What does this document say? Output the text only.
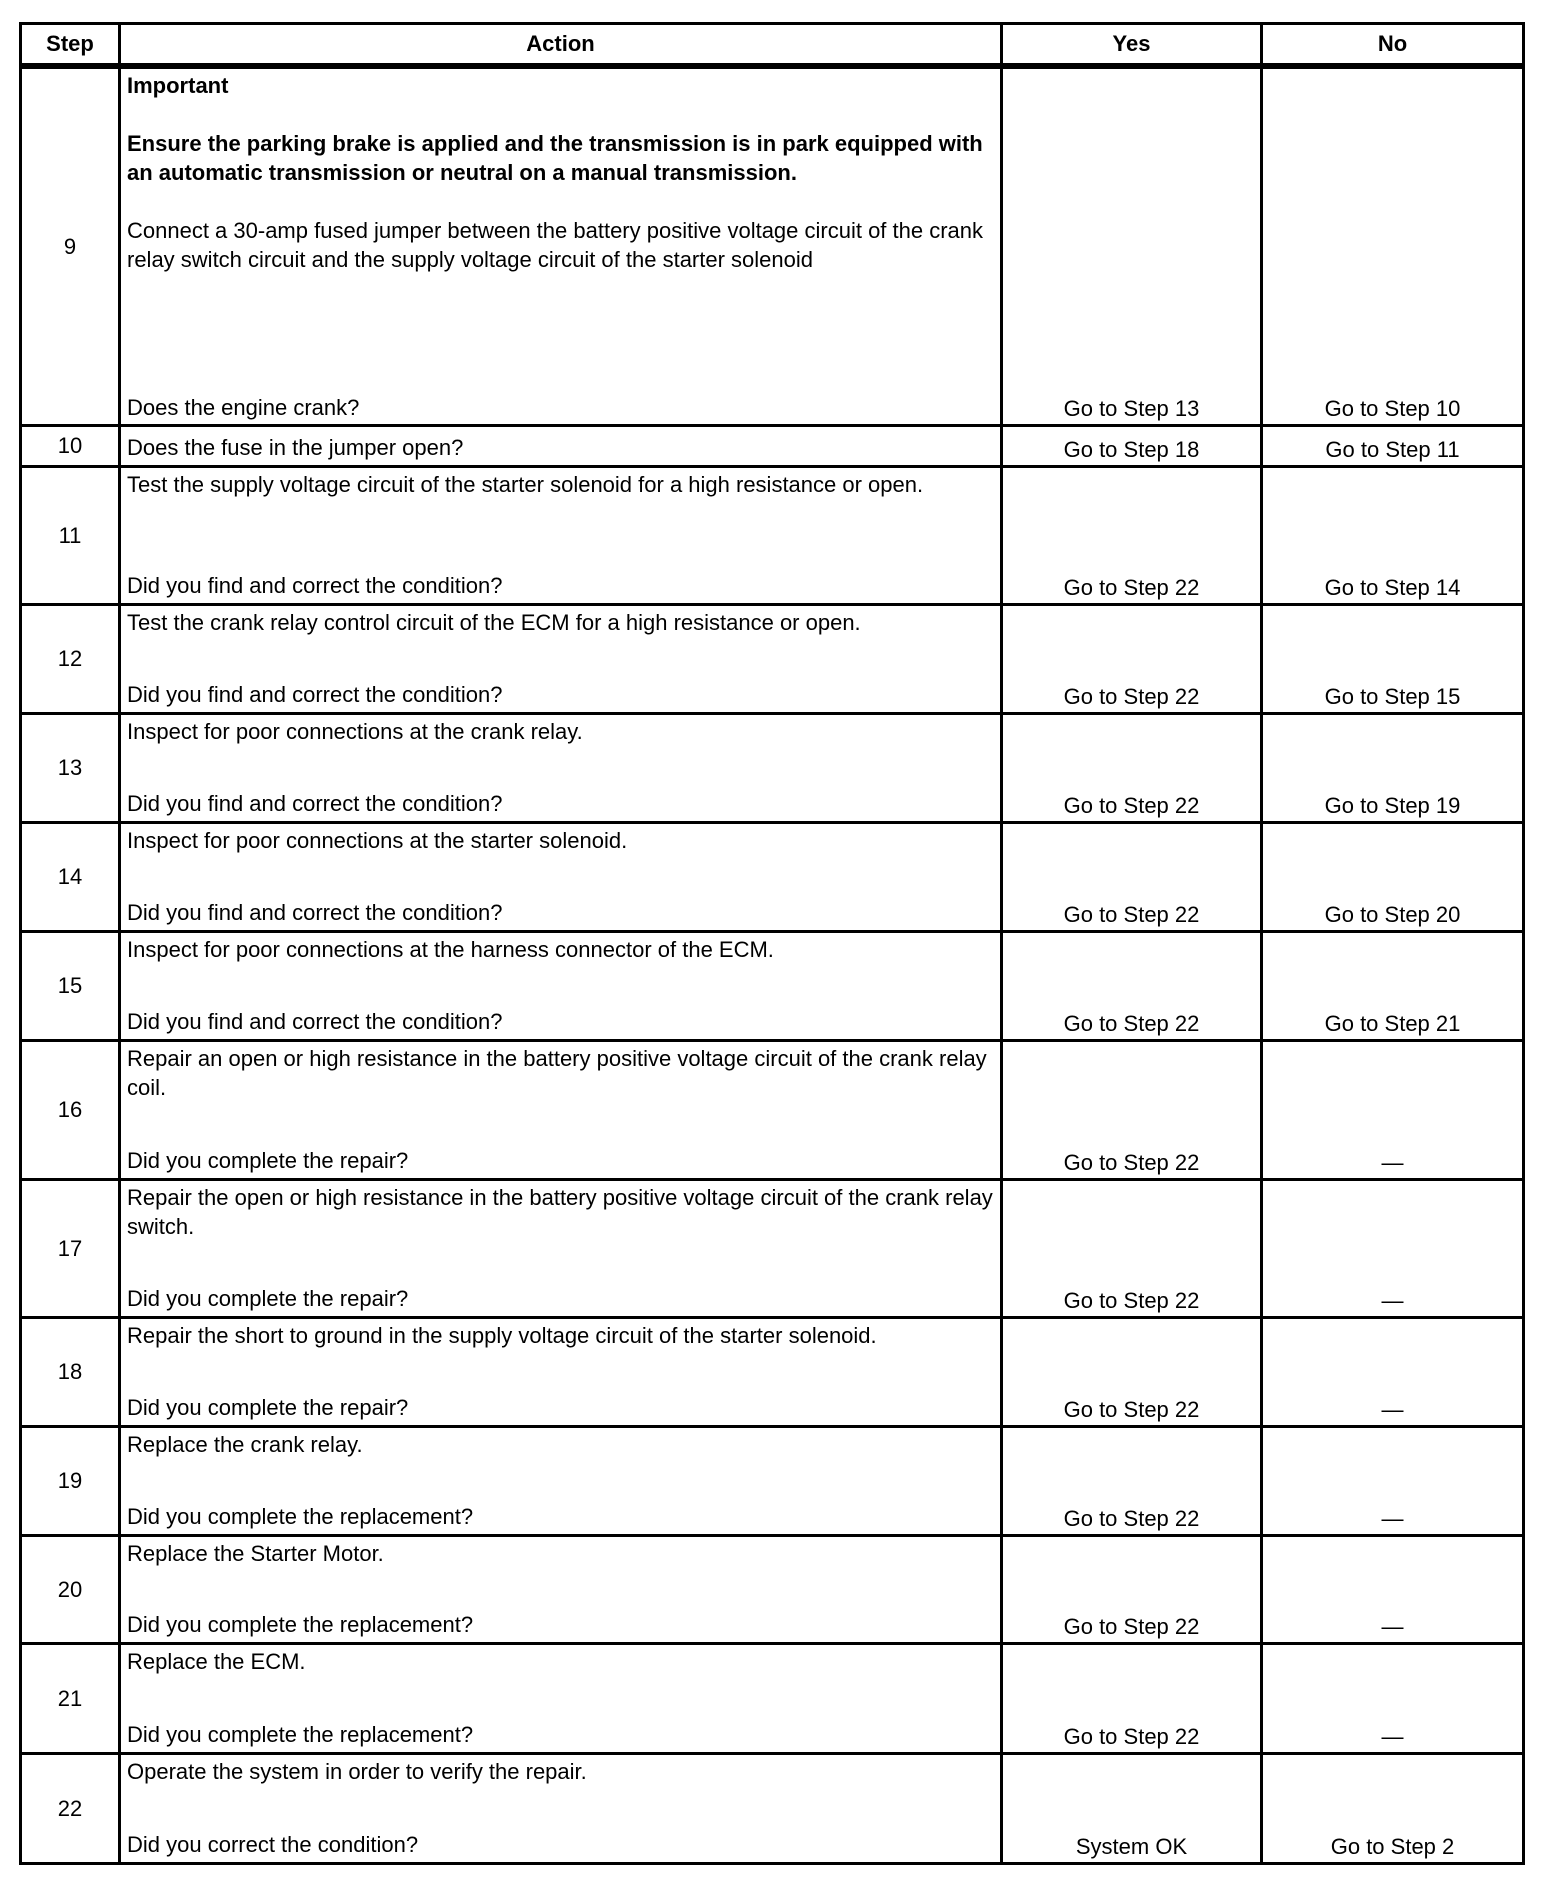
Step	Action	Yes	No
9	Important
Ensure the parking brake is applied and the transmission is in park equipped with an automatic transmission or neutral on a manual transmission.
Connect a 30-amp fused jumper between the battery positive voltage circuit of the crank relay switch circuit and the supply voltage circuit of the starter solenoid
Does the engine crank?	Go to Step 13	Go to Step 10
10	Does the fuse in the jumper open?	Go to Step 18	Go to Step 11
11	Test the supply voltage circuit of the starter solenoid for a high resistance or open.
Did you find and correct the condition?	Go to Step 22	Go to Step 14
12	Test the crank relay control circuit of the ECM for a high resistance or open.
Did you find and correct the condition?	Go to Step 22	Go to Step 15
13	Inspect for poor connections at the crank relay.
Did you find and correct the condition?	Go to Step 22	Go to Step 19
14	Inspect for poor connections at the starter solenoid.
Did you find and correct the condition?	Go to Step 22	Go to Step 20
15	Inspect for poor connections at the harness connector of the ECM.
Did you find and correct the condition?	Go to Step 22	Go to Step 21
16	Repair an open or high resistance in the battery positive voltage circuit of the crank relay coil.
Did you complete the repair?	Go to Step 22	—
17	Repair the open or high resistance in the battery positive voltage circuit of the crank relay switch.
Did you complete the repair?	Go to Step 22	—
18	Repair the short to ground in the supply voltage circuit of the starter solenoid.
Did you complete the repair?	Go to Step 22	—
19	Replace the crank relay.
Did you complete the replacement?	Go to Step 22	—
20	Replace the Starter Motor.
Did you complete the replacement?	Go to Step 22	—
21	Replace the ECM.
Did you complete the replacement?	Go to Step 22	—
22	Operate the system in order to verify the repair.
Did you correct the condition?	System OK	Go to Step 2
